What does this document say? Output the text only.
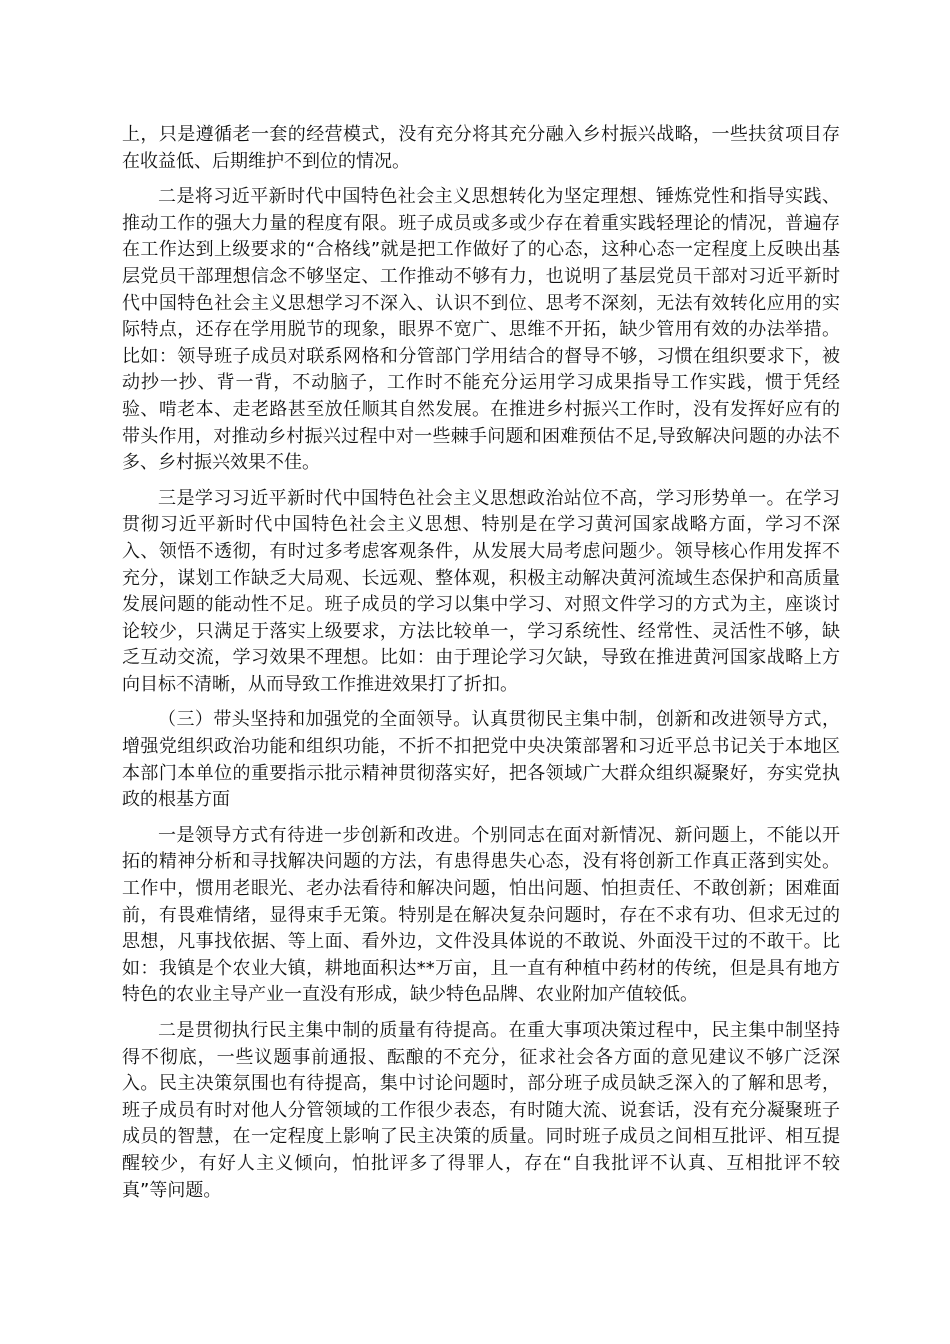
上，只是遵循老一套的经营模式，没有充分将其充分融入乡村振兴战略，一些扶贫项目存在收益低、后期维护不到位的情况。

二是将习近平新时代中国特色社会主义思想转化为坚定理想、锤炼党性和指导实践、推动工作的强大力量的程度有限。班子成员或多或少存在着重实践轻理论的情况，普遍存在工作达到上级要求的“合格线”就是把工作做好了的心态，这种心态一定程度上反映出基层党员干部理想信念不够坚定、工作推动不够有力，也说明了基层党员干部对习近平新时代中国特色社会主义思想学习不深入、认识不到位、思考不深刻，无法有效转化应用的实际特点，还存在学用脱节的现象，眼界不宽广、思维不开拓，缺少管用有效的办法举措。比如：领导班子成员对联系网格和分管部门学用结合的督导不够，习惯在组织要求下，被动抄一抄、背一背，不动脑子，工作时不能充分运用学习成果指导工作实践，惯于凭经验、啃老本、走老路甚至放任顺其自然发展。在推进乡村振兴工作时，没有发挥好应有的带头作用，对推动乡村振兴过程中对一些棘手问题和困难预估不足,导致解决问题的办法不多、乡村振兴效果不佳。

三是学习习近平新时代中国特色社会主义思想政治站位不高，学习形势单一。在学习贯彻习近平新时代中国特色社会主义思想、特别是在学习黄河国家战略方面，学习不深入、领悟不透彻，有时过多考虑客观条件，从发展大局考虑问题少。领导核心作用发挥不充分，谋划工作缺乏大局观、长远观、整体观，积极主动解决黄河流域生态保护和高质量发展问题的能动性不足。班子成员的学习以集中学习、对照文件学习的方式为主，座谈讨论较少，只满足于落实上级要求，方法比较单一，学习系统性、经常性、灵活性不够，缺乏互动交流，学习效果不理想。比如：由于理论学习欠缺，导致在推进黄河国家战略上方向目标不清晰，从而导致工作推进效果打了折扣。

（三）带头坚持和加强党的全面领导。认真贯彻民主集中制，创新和改进领导方式，增强党组织政治功能和组织功能，不折不扣把党中央决策部署和习近平总书记关于本地区本部门本单位的重要指示批示精神贯彻落实好，把各领域广大群众组织凝聚好，夯实党执政的根基方面

一是领导方式有待进一步创新和改进。个别同志在面对新情况、新问题上，不能以开拓的精神分析和寻找解决问题的方法，有患得患失心态，没有将创新工作真正落到实处。工作中，惯用老眼光、老办法看待和解决问题，怕出问题、怕担责任、不敢创新；困难面前，有畏难情绪，显得束手无策。特别是在解决复杂问题时，存在不求有功、但求无过的思想，凡事找依据、等上面、看外边，文件没具体说的不敢说、外面没干过的不敢干。比如：我镇是个农业大镇，耕地面积达**万亩，且一直有种植中药材的传统，但是具有地方特色的农业主导产业一直没有形成，缺少特色品牌、农业附加产值较低。

二是贯彻执行民主集中制的质量有待提高。在重大事项决策过程中，民主集中制坚持得不彻底，一些议题事前通报、酝酿的不充分，征求社会各方面的意见建议不够广泛深入。民主决策氛围也有待提高，集中讨论问题时，部分班子成员缺乏深入的了解和思考，班子成员有时对他人分管领域的工作很少表态，有时随大流、说套话，没有充分凝聚班子成员的智慧，在一定程度上影响了民主决策的质量。同时班子成员之间相互批评、相互提醒较少，有好人主义倾向，怕批评多了得罪人，存在“自我批评不认真、互相批评不较真”等问题。
